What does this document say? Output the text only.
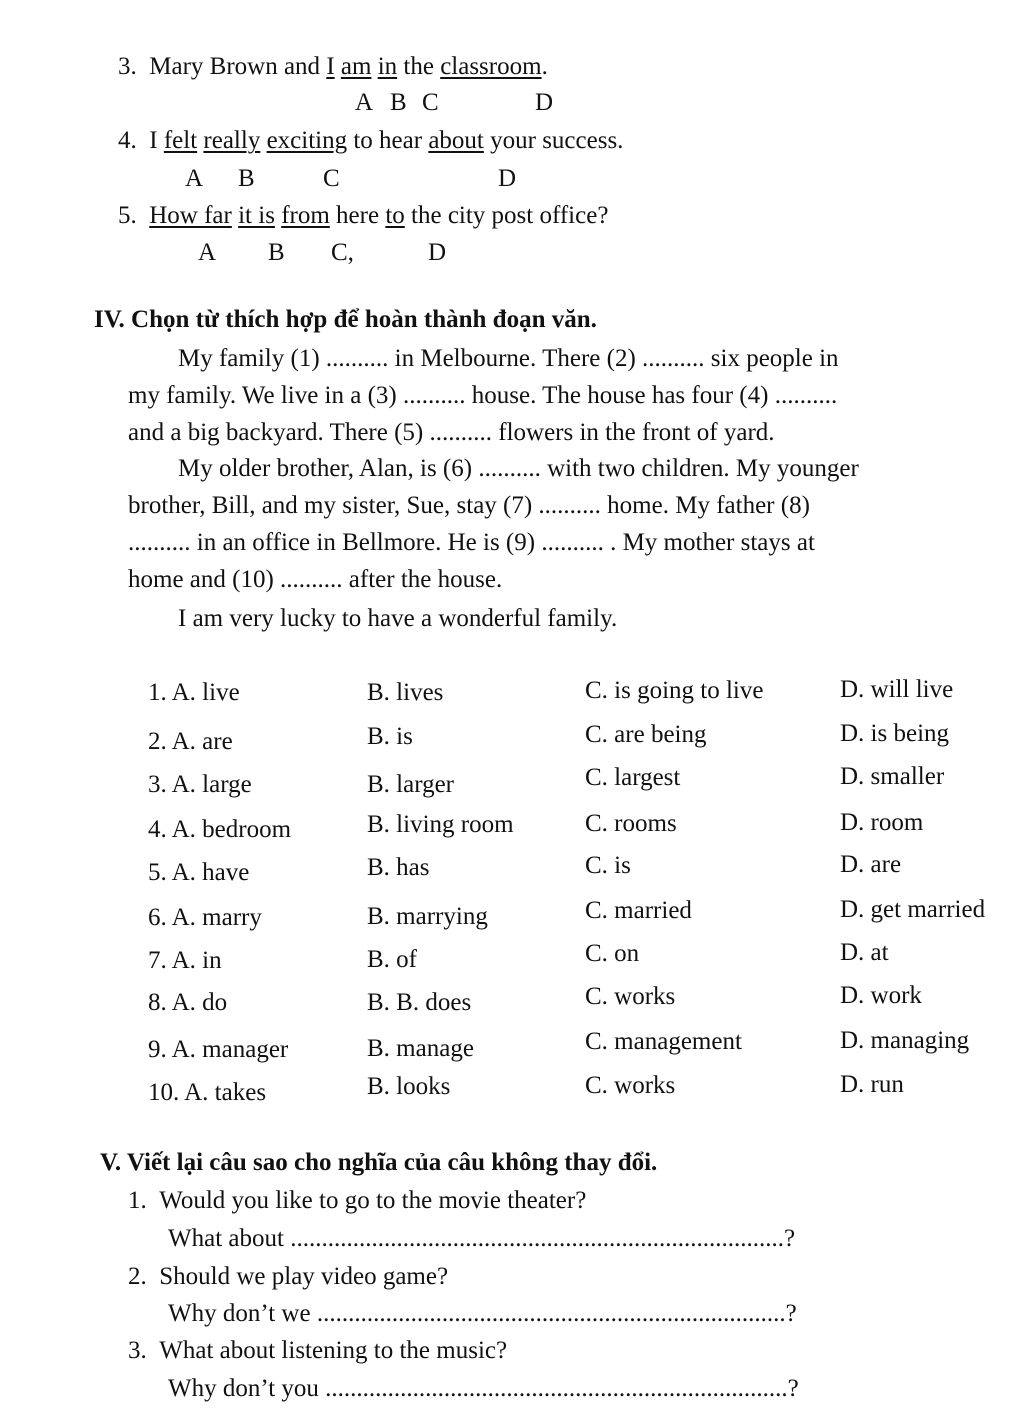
3. Mary Brown and I am in the classroom.
A B C	D
4. I felt really exciting to hear about your success.
A B	C	D
5. How far it is from here to the city post office?
A B C,	D
IV. Chọn từ thích hợp để hoàn thành đoạn văn.
My family (1) .......... in Melbourne. There (2) .......... six people in
my family. We live in a (3) .......... house. The house has four (4) ..........
and a big backyard. There (5) .......... flowers in the front of yard.
My older brother, Alan, is (6) .......... with two children. My younger
brother, Bill, and my sister, Sue, stay (7) .......... home. My father (8)
.......... in an office in Bellmore. He is (9) .......... . My mother stays at
home and (10) .......... after the house.
I am very lucky to have a wonderful family.
1. A. live	B. lives	C. is going to live	D. will live
2. A. are	B. is	C. are being	D. is being
3. A. large	B. larger	C. largest	D. smaller
4. A. bedroom	B. living room	C. rooms	D. room
5. A. have	B. has	C. is	D. are
6. A. marry	B. marrying	C. married	D. get married
7. A. in	B. of	C. on	D. at
8. A. do	B. B. does	C. works	D. work
9. A. manager	B. manage	C. management	D. managing
10. A. takes	B. looks	C. works	D. run
V. Viết lại câu sao cho nghĩa của câu không thay đổi.
1. Would you like to go to the movie theater?
What about ...............................................................................?
2. Should we play video game?
Why don’t we ...........................................................................?
3. What about listening to the music?
Why don’t you ..........................................................................?
